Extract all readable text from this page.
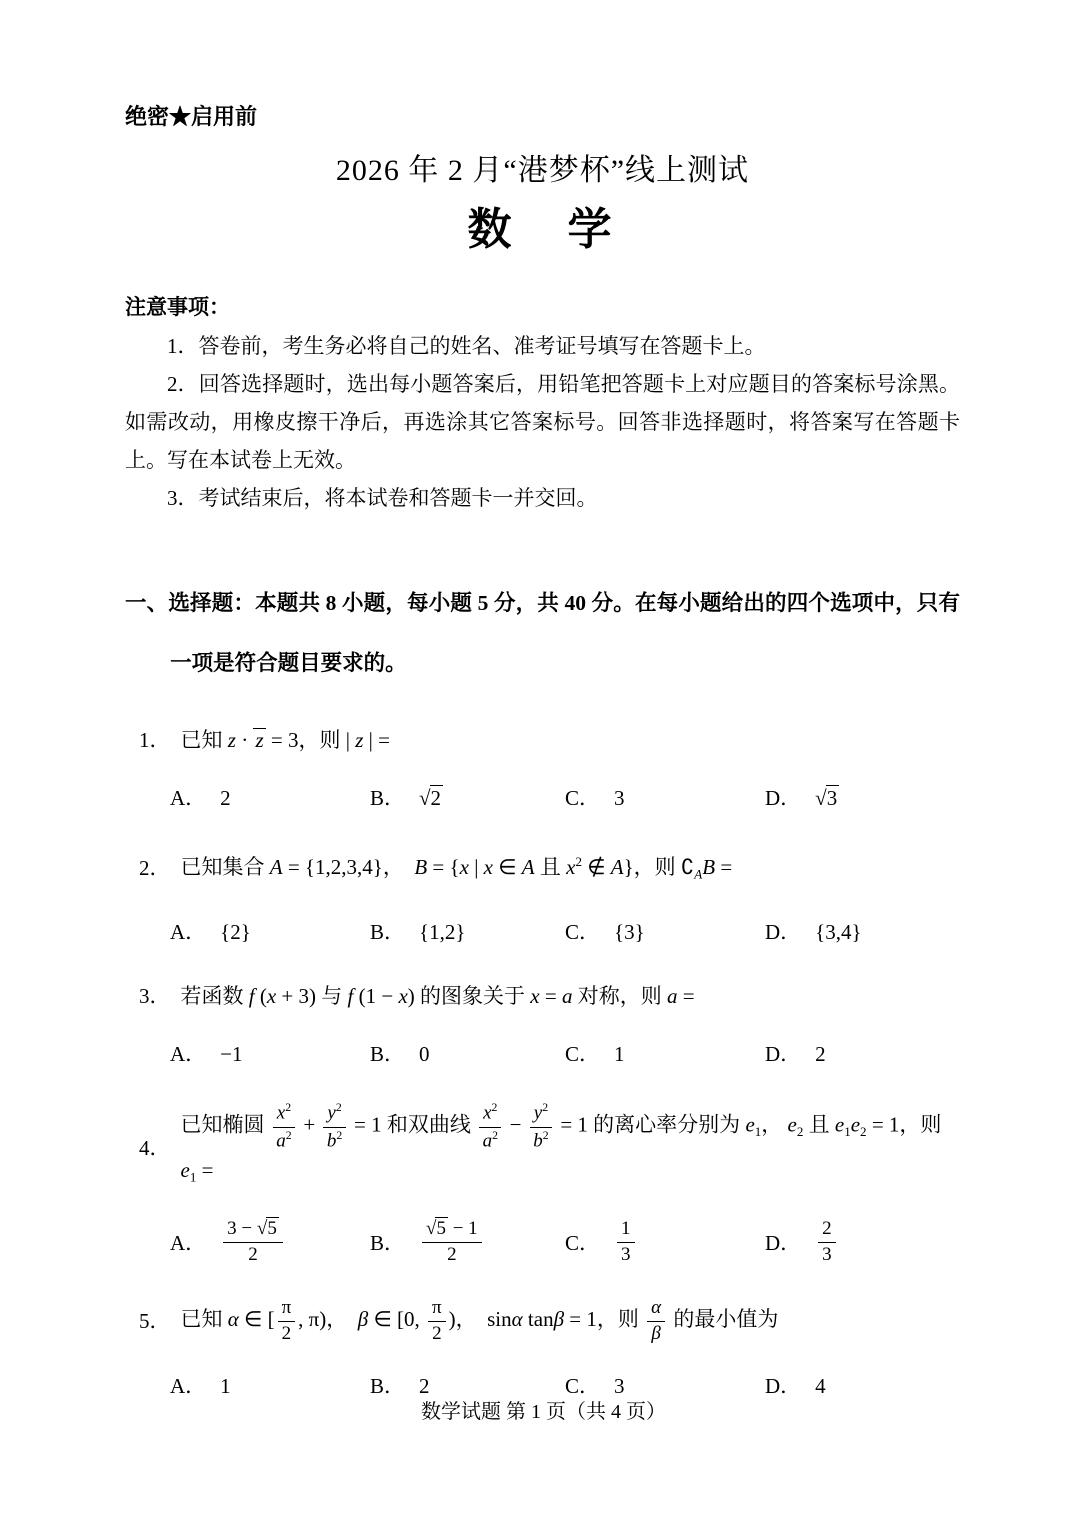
绝密★启用前
2026 年 2 月“港梦杯”线上测试
数　学
注意事项：
1．答卷前，考生务必将自己的姓名、准考证号填写在答题卡上。
2．回答选择题时，选出每小题答案后，用铅笔把答题卡上对应题目的答案标号涂黑。如需改动，用橡皮擦干净后，再选涂其它答案标号。回答非选择题时，将答案写在答题卡上。写在本试卷上无效。
3．考试结束后，将本试卷和答题卡一并交回。
一、选择题：本题共 8 小题，每小题 5 分，共 40 分。在每小题给出的四个选项中，只有一项是符合题目要求的。
1． 已知 z · z = 3，则 | z | =
A． 2	B． √2	C． 3	D． √3
2． 已知集合 A = {1,2,3,4}，  B = {x | x ∈ A 且 $x^2$ ∉ A}，则 $∁_AB$ =
A． {2}	B． {1,2}	C． {3}	D． {3,4}
3． 若函数 f (x + 3) 与 f (1 − x) 的图象关于 x = a 对称，则 a =
A． −1	B． 0	C． 1	D． 2
4．
已知椭圆 $\frac{x^2}{a^2} + \frac{y^2}{b^2} = 1$ 和双曲线 $\frac{x^2}{a^2} - \frac{y^2}{b^2} = 1$ 的离心率分别为 $e_1$， $e_2$ 且 $e_1e_2 = 1$，则 $e_1$ =
A． $\frac{3 - √5}{2}$	B． $\frac{√5 - 1}{2}$	C． $\frac{1}{3}$	D． $\frac{2}{3}$
5． 已知 α ∈ [ $\frac{\pi}{2}$ , π)，  β ∈ [0, $\frac{\pi}{2}$ )，  sinα tanβ = 1，则 $\frac{\alpha}{\beta}$ 的最小值为
A． 1	B． 2	C． 3	D． 4
数学试题 第 1 页（共 4 页）
